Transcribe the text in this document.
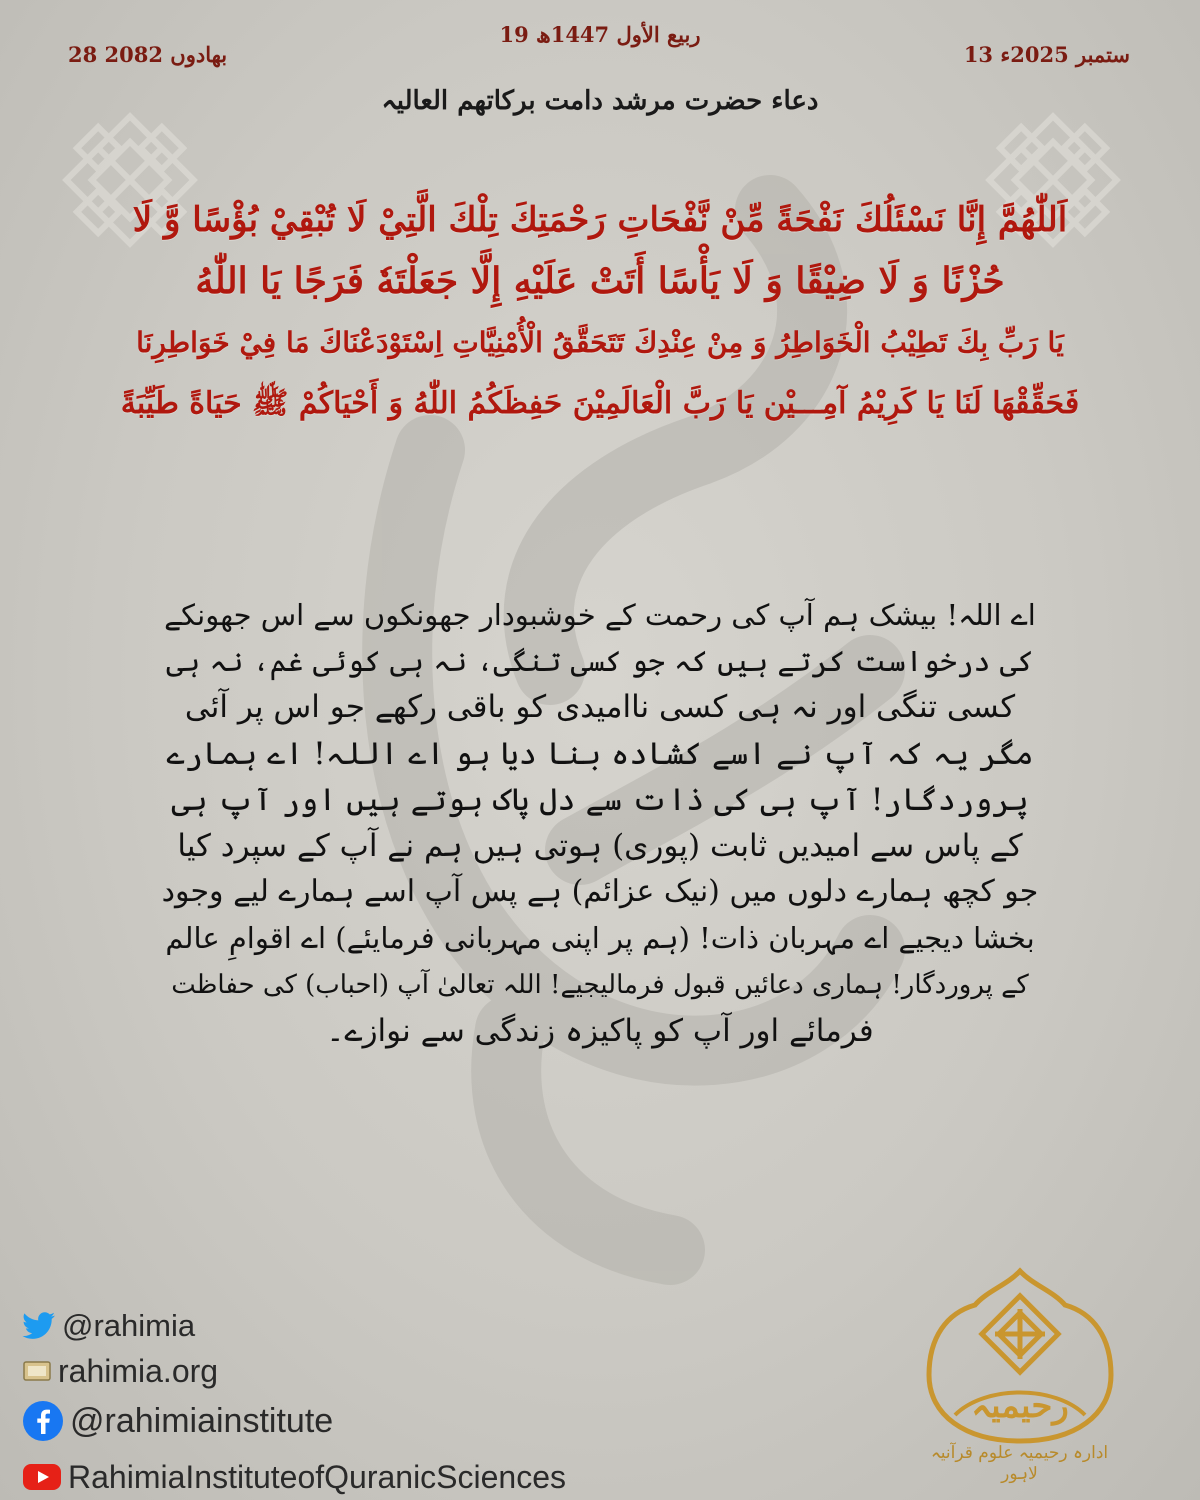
28 بھادوں 2082
19 ربیع الأول 1447ھ
13 ستمبر 2025ء
دعاء حضرت مرشد دامت برکاتھم العالیہ
اَللّٰهُمَّ إِنَّا نَسْئَلُكَ نَفْحَةً مِّنْ نَّفْحَاتِ رَحْمَتِكَ تِلْكَ الَّتِيْ لَا تُبْقِيْ بُؤْسًا وَّ لَا
حُزْنًا وَ لَا ضِيْقًا وَ لَا يَأْسًا أَتَتْ عَلَيْهِ إِلَّا جَعَلْتَهٗ فَرَجًا يَا اللّٰهُ
يَا رَبِّ بِكَ تَطِيْبُ الْخَوَاطِرُ وَ مِنْ عِنْدِكَ تَتَحَقَّقُ الْأُمْنِيَّاتِ اِسْتَوْدَعْنَاكَ مَا فِيْ خَوَاطِرِنَا
فَحَقِّقْهَا لَنَا يَا كَرِيْمُ آمِـــيْن يَا رَبَّ الْعَالَمِيْنَ حَفِظَكُمُ اللّٰهُ وَ أَحْيَاكُمْ ﷺ حَيَاةً طَيِّبَةً
اے اللہ! بیشک ہم آپ کی رحمت کے خوشبودار جھونکوں سے اس جھونکے
کی درخواست کرتے ہیں کہ جو کسی تنگی، نہ ہی کوئی غم، نہ ہی
کسی تنگی اور نہ ہی کسی ناامیدی کو باقی رکھے جو اس پر آئی
مگر یہ کہ آپ نے اسے کشادہ بنا دیا ہو اے اللہ! اے ہمارے
پروردگار! آپ ہی کی ذات سے دل پاک ہوتے ہیں اور آپ ہی
کے پاس سے امیدیں ثابت (پوری) ہوتی ہیں ہم نے آپ کے سپرد کیا
جو کچھ ہمارے دلوں میں (نیک عزائم) ہے پس آپ اسے ہمارے لیے وجود
بخشا دیجیے اے مہربان ذات! (ہم پر اپنی مہربانی فرمایئے) اے اقوامِ عالم
کے پروردگار! ہماری دعائیں قبول فرمالیجیے! اللہ تعالیٰ آپ (احباب) کی حفاظت
فرمائے اور آپ کو پاکیزہ زندگی سے نوازے۔
@rahimia
rahimia.org
@rahimiainstitute
RahimiaInstituteofQuranicSciences
رحیمیہ
ادارہ رحیمیہ علوم قرآنیہ لاہور
